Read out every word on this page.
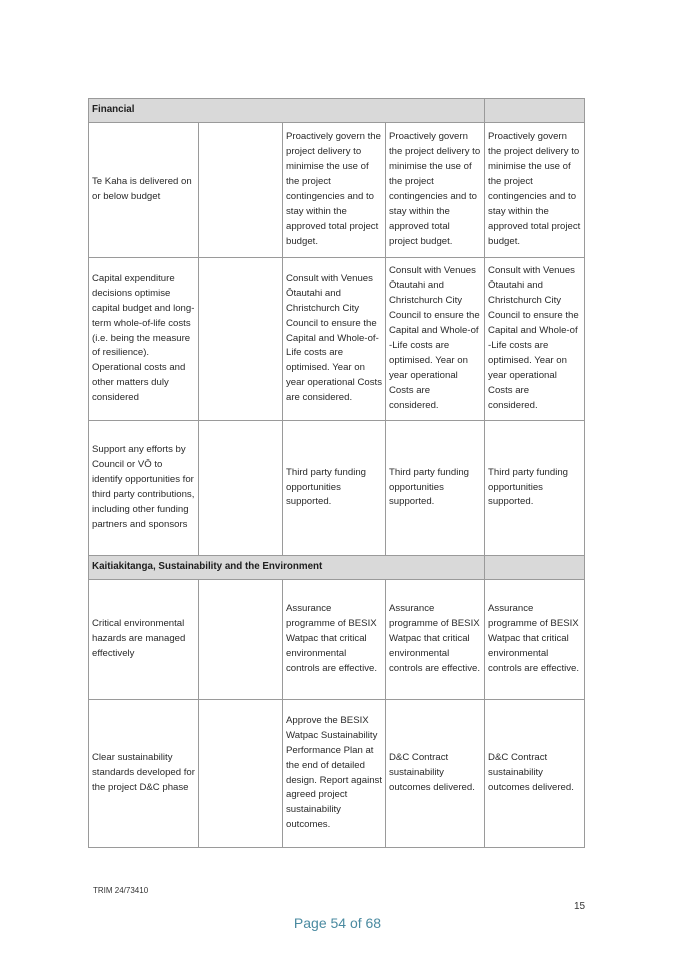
Financial				
Te Kaha is delivered on or below budget		Proactively govern the project delivery to minimise the use of the project contingencies and to stay within the approved total project budget.	Proactively govern the project delivery to minimise the use of the project contingencies and to stay within the approved total project budget.	Proactively govern the project delivery to minimise the use of the project contingencies and to stay within the approved total project budget.
Capital expenditure decisions optimise capital budget and long-term whole-of-life costs (i.e. being the measure of resilience). Operational costs and other matters duly considered		Consult with Venues Ōtautahi and Christchurch City Council to ensure the Capital and Whole-of-Life costs are optimised. Year on year operational Costs are considered.	Consult with Venues Ōtautahi and Christchurch City Council to ensure the Capital and Whole-of -Life costs are optimised. Year on year operational Costs are considered.	Consult with Venues Ōtautahi and Christchurch City Council to ensure the Capital and Whole-of -Life costs are optimised. Year on year operational Costs are considered.
Support any efforts by Council or VŌ to identify opportunities for third party contributions, including other funding partners and sponsors		Third party funding opportunities supported.	Third party funding opportunities supported.	Third party funding opportunities supported.
Kaitiakitanga, Sustainability and the Environment				
Critical environmental hazards are managed effectively		Assurance programme of BESIX Watpac that critical environmental controls are effective.	Assurance programme of BESIX Watpac that critical environmental controls are effective.	Assurance programme of BESIX Watpac that critical environmental controls are effective.
Clear sustainability standards developed for the project D&C phase		Approve the BESIX Watpac Sustainability Performance Plan at the end of detailed design. Report against agreed project sustainability outcomes.	D&C Contract sustainability outcomes delivered.	D&C Contract sustainability outcomes delivered.
TRIM 24/73410
15
Page 54 of 68
